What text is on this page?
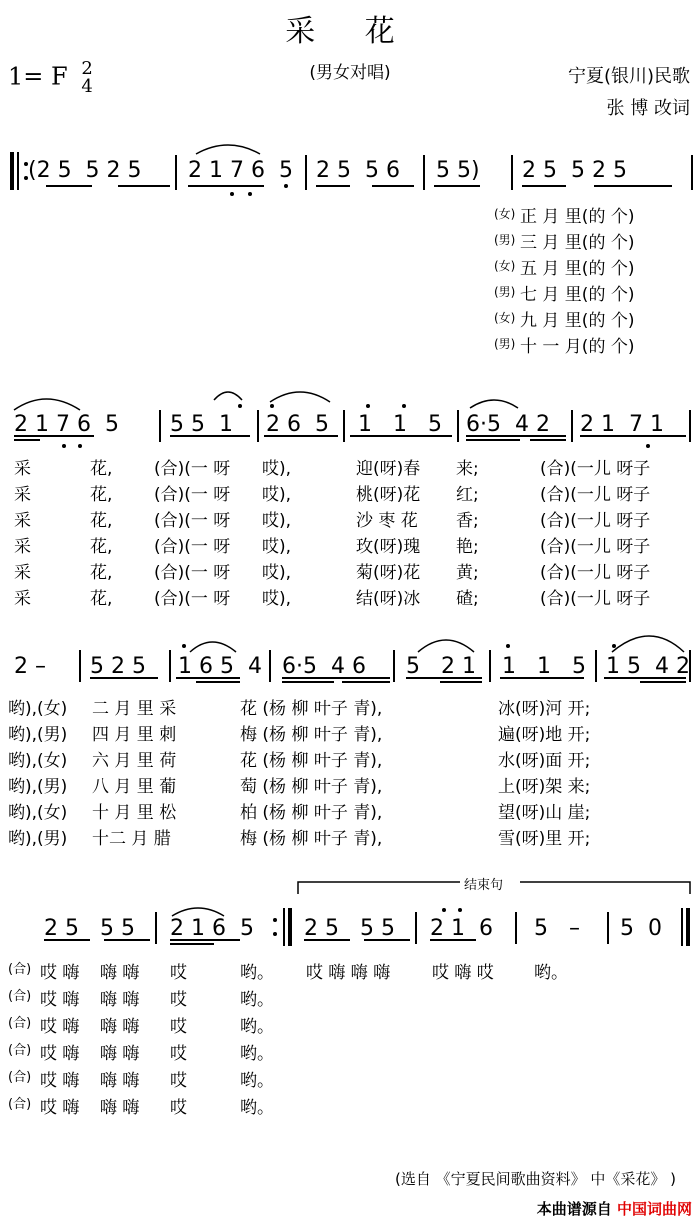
采 花
(男女对唱)
1= F 2
4	宁夏(银川)民歌
张 博 改词
(2 5  5 2 5 2 1 7 6  5 2 5  5 6 5 5) 2 5  5 2 5
(女) 正 月 里(的 个)
(男) 三 月 里(的 个)
(女) 五 月 里(的 个)
(男) 七 月 里(的 个)
(女) 九 月 里(的 个)
(男) 十 一 月(的 个)
2 1 7 6  5 5 5  1 2 6  5 1   1   5 6·5  4 2 2 1  7 1
采	花, (合)(一 呀 哎),	迎(呀)春 来;	(合)(一儿 呀子
采	花, (合)(一 呀 哎),	桃(呀)花 红;	(合)(一儿 呀子
采	花, (合)(一 呀 哎),	沙 枣 花 香;	(合)(一儿 呀子
采	花, (合)(一 呀 哎),	玫(呀)瑰 艳;	(合)(一儿 呀子
采	花, (合)(一 呀 哎),	菊(呀)花 黄;	(合)(一儿 呀子
采	花, (合)(一 呀 哎),	结(呀)冰 碴;	(合)(一儿 呀子
2 – 5 2 5 1 6 5  4 6·5  4 6 5   2 1 1   1   5 1 5  4 2
哟),(女) 二 月 里 采	花 (杨 柳 叶子 青),	冰(呀)河 开;
哟),(男) 四 月 里 刺	梅 (杨 柳 叶子 青),	遍(呀)地 开;
哟),(女) 六 月 里 荷	花 (杨 柳 叶子 青),	水(呀)面 开;
哟),(男) 八 月 里 葡	萄 (杨 柳 叶子 青),	上(呀)架 来;
哟),(女) 十 月 里 松	柏 (杨 柳 叶子 青),	望(呀)山 崖;
哟),(男) 十二 月 腊	梅 (杨 柳 叶子 青),	雪(呀)里 开;
结束句
2 5   5 5 2 1 6  5 2 5   5 5 2 1  6 5   – 5  0
(合) 哎 嗨 嗨 嗨 哎	哟。 哎 嗨 嗨 嗨 哎 嗨 哎 哟。
(合) 哎 嗨 嗨 嗨 哎	哟。
(合) 哎 嗨 嗨 嗨 哎	哟。
(合) 哎 嗨 嗨 嗨 哎	哟。
(合) 哎 嗨 嗨 嗨 哎	哟。
(合) 哎 嗨 嗨 嗨 哎	哟。
(选自 《宁夏民间歌曲资料》 中《采花》 )
本曲谱源自 中国词曲网
